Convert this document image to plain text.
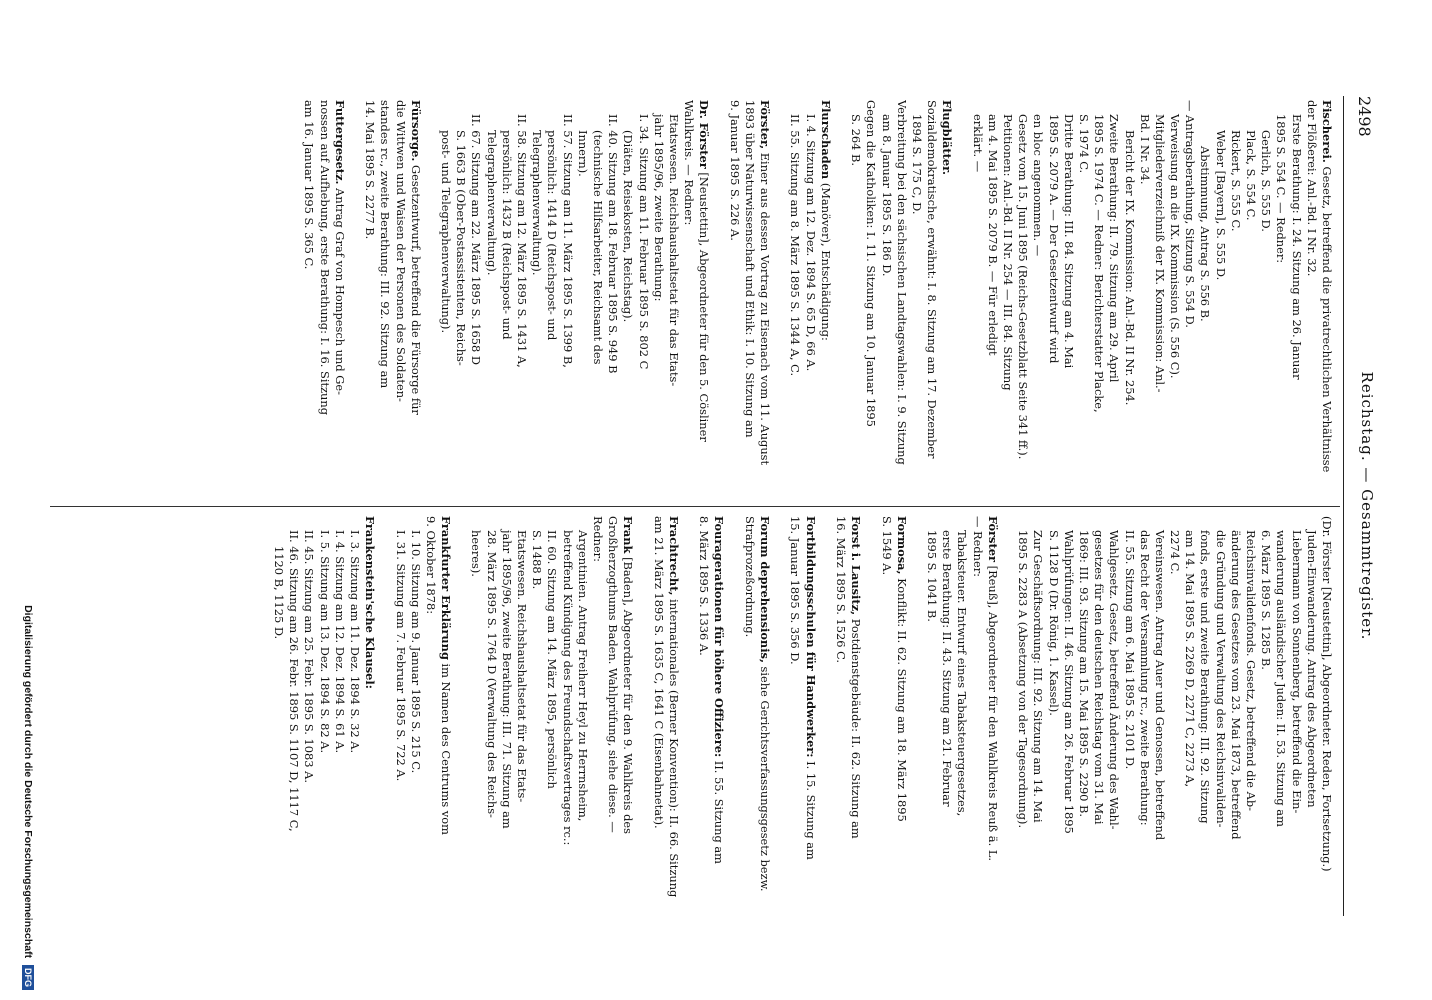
2498
Reichstag. — Gesammtregister.
Fischerei. Gesetz, betreffend die privatrechtlichen Verhältnisse
der Flößerei: Anl.-Bd. I Nr. 32.
Erste Berathung: I. 24. Sitzung am 26. Januar
1895 S. 554 C. — Redner:
Gerlich, S. 555 D.
Plack, S. 554 C.
Rickert, S. 555 C.
Weber [Bayern], S. 555 D.
Abstimmung, Antrag S. 556 B.
— Antragsberathung, Sitzung S. 554 D.
Verweisung an die IX. Kommission (S. 556 C).
Mitgliederverzeichniß der IX. Kommission: Anl.-
Bd. I Nr. 34.
Bericht der IX. Kommission: Anl.-Bd. II Nr. 254.
Zweite Berathung: II. 79. Sitzung am 29. April
1895 S. 1974 C. — Redner: Berichterstatter Placke,
S. 1974 C.
Dritte Berathung: III. 84. Sitzung am 4. Mai
1895 S. 2079 A. — Der Gesetzentwurf wird
en bloc angenommen. —
Gesetz vom 15. Juni 1895 (Reichs-Gesetzblatt Seite 341 ff.).
Petitionen: Anl.-Bd. II Nr. 254 — III. 84. Sitzung
am 4. Mai 1895 S. 2079 B. — Für erledigt
erklärt. —
Flugblätter.
Sozialdemokratische, erwähnt: I. 8. Sitzung am 17. Dezember
1894 S. 175 C, D.
Verbreitung bei den sächsischen Landtagswahlen: I. 9. Sitzung
am 8. Januar 1895 S. 186 D.
Gegen die Katholiken: I. 11. Sitzung am 10. Januar 1895
S. 264 B.
Flurschaden (Manöver), Entschädigung:
I. 4. Sitzung am 12. Dez. 1894 S. 65 D, 66 A.
II. 55. Sitzung am 8. März 1895 S. 1344 A, C.
Förster, Einer aus dessen Vortrag zu Eisenach vom 11. August
1893 über Naturwissenschaft und Ethik: I. 10. Sitzung am
9. Januar 1895 S. 226 A.
Dr. Förster [Neustettin], Abgeordneter für den 5. Cösliner
Wahlkreis. — Redner:
Etatswesen. Reichshaushaltsetat für das Etats-
jahr 1895/96, zweite Berathung:
I. 34. Sitzung am 11. Februar 1895 S. 802 C
(Diäten, Reisekosten, Reichstag).
II. 40. Sitzung am 18. Februar 1895 S. 949 B
(technische Hilfsarbeiter, Reichsamt des
Innern).
II. 57. Sitzung am 11. März 1895 S. 1399 B,
persönlich: 1414 D (Reichspost- und
Telegraphenverwaltung).
II. 58. Sitzung am 12. März 1895 S. 1431 A,
persönlich: 1432 B (Reichspost- und
Telegraphenverwaltung).
II. 67. Sitzung am 22. März 1895 S. 1658 D
S. 1663 B (Ober-Postassistenten, Reichs-
post- und Telegraphenverwaltung).
Fürsorge. Gesetzentwurf, betreffend die Fürsorge für
die Wittwen und Waisen der Personen des Soldaten-
standes rc., zweite Berathung: III. 92. Sitzung am
14. Mai 1895 S. 2277 B.
Futtergesetz. Antrag Graf von Hompesch und Ge-
nossen auf Aufhebung, erste Berathung: I. 16. Sitzung
am 16. Januar 1895 S. 365 C.
(Dr. Förster [Neustettin], Abgeordneter. Reden, Fortsetzung.)
Juden-Einwanderung. Antrag des Abgeordneten
Liebermann von Sonnenberg, betreffend die Ein-
wanderung ausländischer Juden: II. 53. Sitzung am
6. März 1895 S. 1285 B.
Reichsinvalidenfonds. Gesetz, betreffend die Ab-
änderung des Gesetzes vom 23. Mai 1873, betreffend
die Gründung und Verwaltung des Reichsinvaliden-
fonds, erste und zweite Berathung: III. 92. Sitzung
am 14. Mai 1895 S. 2269 D, 2271 C, 2273 A,
2274 C.
Vereinswesen. Antrag Auer und Genossen, betreffend
das Recht der Versammlung rc., zweite Berathung:
II. 55. Sitzung am 6. Mai 1895 S. 2101 D.
Wahlgesetz. Gesetz, betreffend Änderung des Wahl-
gesetzes für den deutschen Reichstag vom 31. Mai
1869: III. 93. Sitzung am 15. Mai 1895 S. 2290 B.
Wahlprüfungen: II. 46. Sitzung am 26. Februar 1895
S. 1128 D (Dr. Rönig, 1. Kassel).
Zur Geschäftsordnung: III. 92. Sitzung am 14. Mai
1895 S. 2283 A (Absetzung von der Tagesordnung).
Förster [Reuß], Abgeordneter für den Wahlkreis Reuß ä. L.
— Redner:
Tabaksteuer. Entwurf eines Tabaksteuergesetzes,
erste Berathung: II. 43. Sitzung am 21. Februar
1895 S. 1041 B.
Formosa, Konflikt: II. 62. Sitzung am 18. März 1895
S. 1549 A.
Forst i. Lausitz, Postdienstgebäude: II. 62. Sitzung am
16. März 1895 S. 1526 C.
Fortbildungsschulen für Handwerker: I. 15. Sitzung am
15. Januar 1895 S. 356 D.
Forum deprehensionis, siehe Gerichtsverfassungsgesetz bezw.
Strafprozeßordnung.
Fouragerationen für höhere Offiziere: II. 55. Sitzung am
8. März 1895 S. 1336 A.
Frachtrecht, internationales (Berner Konvention): II. 66. Sitzung
am 21. März 1895 S. 1635 C, 1641 C (Eisenbahnetat).
Frank [Baden], Abgeordneter für den 9. Wahlkreis des
Großherzogthums Baden. Wahlprüfung, siehe diese. —
Redner:
Argentinien. Antrag Freiherr Heyl zu Herrnsheim,
betreffend Kündigung des Freundschaftsvertrages rc.:
II. 60. Sitzung am 14. März 1895, persönlich
S. 1488 B.
Etatswesen. Reichshaushaltsetat für das Etats-
jahr 1895/96, zweite Berathung: III. 71. Sitzung am
28. März 1895 S. 1764 D (Verwaltung des Reichs-
heeres).
Frankfurter Erklärung im Namen des Centrums vom
9. Oktober 1878:
I. 10. Sitzung am 9. Januar 1895 S. 215 C.
I. 31. Sitzung am 7. Februar 1895 S. 722 A.
Frankenstein'sche Klausel:
I. 3. Sitzung am 11. Dez. 1894 S. 32 A.
I. 4. Sitzung am 12. Dez. 1894 S. 61 A.
I. 5. Sitzung am 13. Dez. 1894 S. 82 A.
II. 45. Sitzung am 25. Febr. 1895 S. 1083 A.
II. 46. Sitzung am 26. Febr. 1895 S. 1107 D, 1117 C,
1120 B, 1125 D.
Digitalisierung gefördert durch die Deutsche Forschungsgemeinschaft DFG
